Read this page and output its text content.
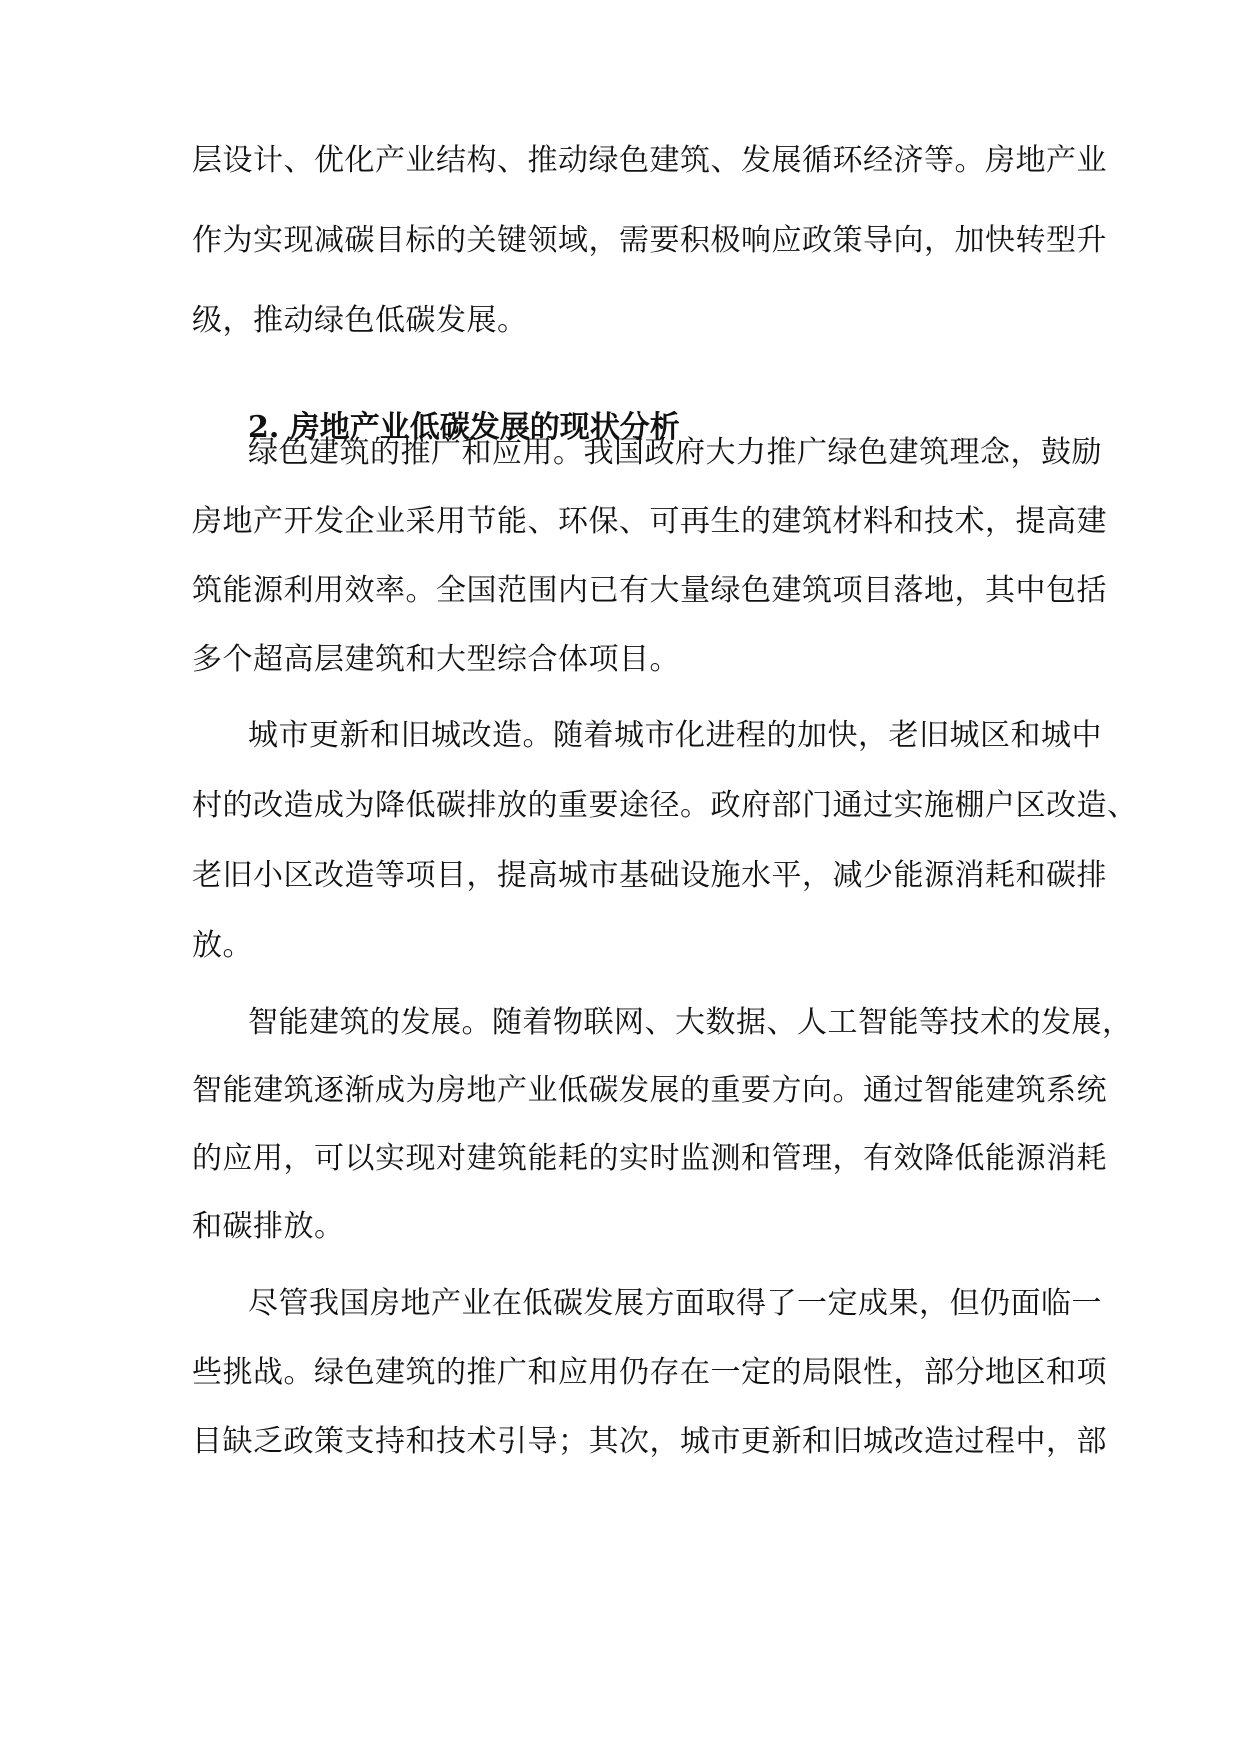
层设计、优化产业结构、推动绿色建筑、发展循环经济等。房地产业

作为实现减碳目标的关键领域，需要积极响应政策导向，加快转型升

级，推动绿色低碳发展。

2. 房地产业低碳发展的现状分析

绿色建筑的推广和应用。我国政府大力推广绿色建筑理念，鼓励

房地产开发企业采用节能、环保、可再生的建筑材料和技术，提高建

筑能源利用效率。全国范围内已有大量绿色建筑项目落地，其中包括

多个超高层建筑和大型综合体项目。

城市更新和旧城改造。随着城市化进程的加快，老旧城区和城中

村的改造成为降低碳排放的重要途径。政府部门通过实施棚户区改造、

老旧小区改造等项目，提高城市基础设施水平，减少能源消耗和碳排

放。

智能建筑的发展。随着物联网、大数据、人工智能等技术的发展，

智能建筑逐渐成为房地产业低碳发展的重要方向。通过智能建筑系统

的应用，可以实现对建筑能耗的实时监测和管理，有效降低能源消耗

和碳排放。

尽管我国房地产业在低碳发展方面取得了一定成果，但仍面临一

些挑战。绿色建筑的推广和应用仍存在一定的局限性，部分地区和项

目缺乏政策支持和技术引导；其次，城市更新和旧城改造过程中，部
